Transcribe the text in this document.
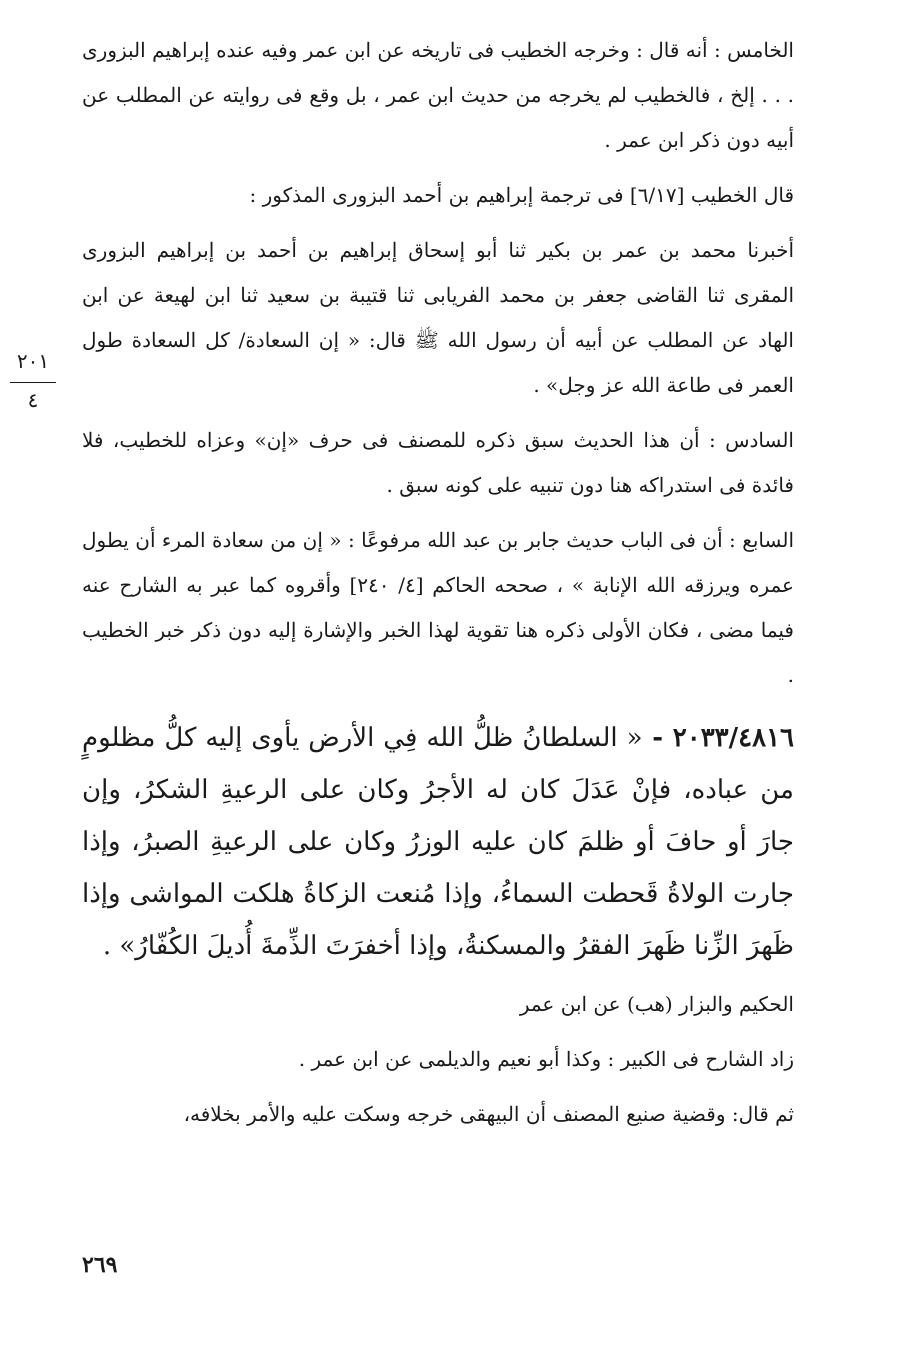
الخامس : أنه قال : وخرجه الخطيب فى تاريخه عن ابن عمر وفيه عنده إبراهيم البزورى . . . إلخ ، فالخطيب لم يخرجه من حديث ابن عمر ، بل وقع فى روايته عن المطلب عن أبيه دون ذكر ابن عمر .

قال الخطيب [٦/١٧] فى ترجمة إبراهيم بن أحمد البزورى المذكور :

أخبرنا محمد بن عمر بن بكير ثنا أبو إسحاق إبراهيم بن أحمد بن إبراهيم البزورى المقرى ثنا القاضى جعفر بن محمد الفريابى ثنا قتيبة بن سعيد ثنا ابن لهيعة عن ابن الهاد عن المطلب عن أبيه أن رسول الله ﷺ قال: « إن السعادة/ كل السعادة طول العمر فى طاعة الله عز وجل» .

السادس : أن هذا الحديث سبق ذكره للمصنف فى حرف «إن» وعزاه للخطيب، فلا فائدة فى استدراكه هنا دون تنبيه على كونه سبق .

السابع : أن فى الباب حديث جابر بن عبد الله مرفوعًا : « إن من سعادة المرء أن يطول عمره ويرزقه الله الإنابة » ، صححه الحاكم [٤/ ٢٤٠] وأقروه كما عبر به الشارح عنه فيما مضى ، فكان الأولى ذكره هنا تقوية لهذا الخبر والإشارة إليه دون ذكر خبر الخطيب .

٢٠٣٣/٤٨١٦ - « السلطانُ ظلُّ الله فِي الأرض يأوى إليه كلُّ مظلومٍ من عباده، فإنْ عَدَلَ كان له الأجرُ وكان على الرعيةِ الشكرُ، وإن جارَ أو حافَ أو ظلمَ كان عليه الوزرُ وكان على الرعيةِ الصبرُ، وإذا جارت الولاةُ قَحطت السماءُ، وإذا مُنعت الزكاةُ هلكت المواشى وإذا ظَهرَ الزِّنا ظَهرَ الفقرُ والمسكنةُ، وإذا أخفرَتَ الذِّمةَ أُديلَ الكُفّارُ» .

الحكيم والبزار (هب) عن ابن عمر

زاد الشارح فى الكبير : وكذا أبو نعيم والديلمى عن ابن عمر .

ثم قال: وقضية صنيع المصنف أن البيهقى خرجه وسكت عليه والأمر بخلافه،

٢٠١
٤
٢٦٩
